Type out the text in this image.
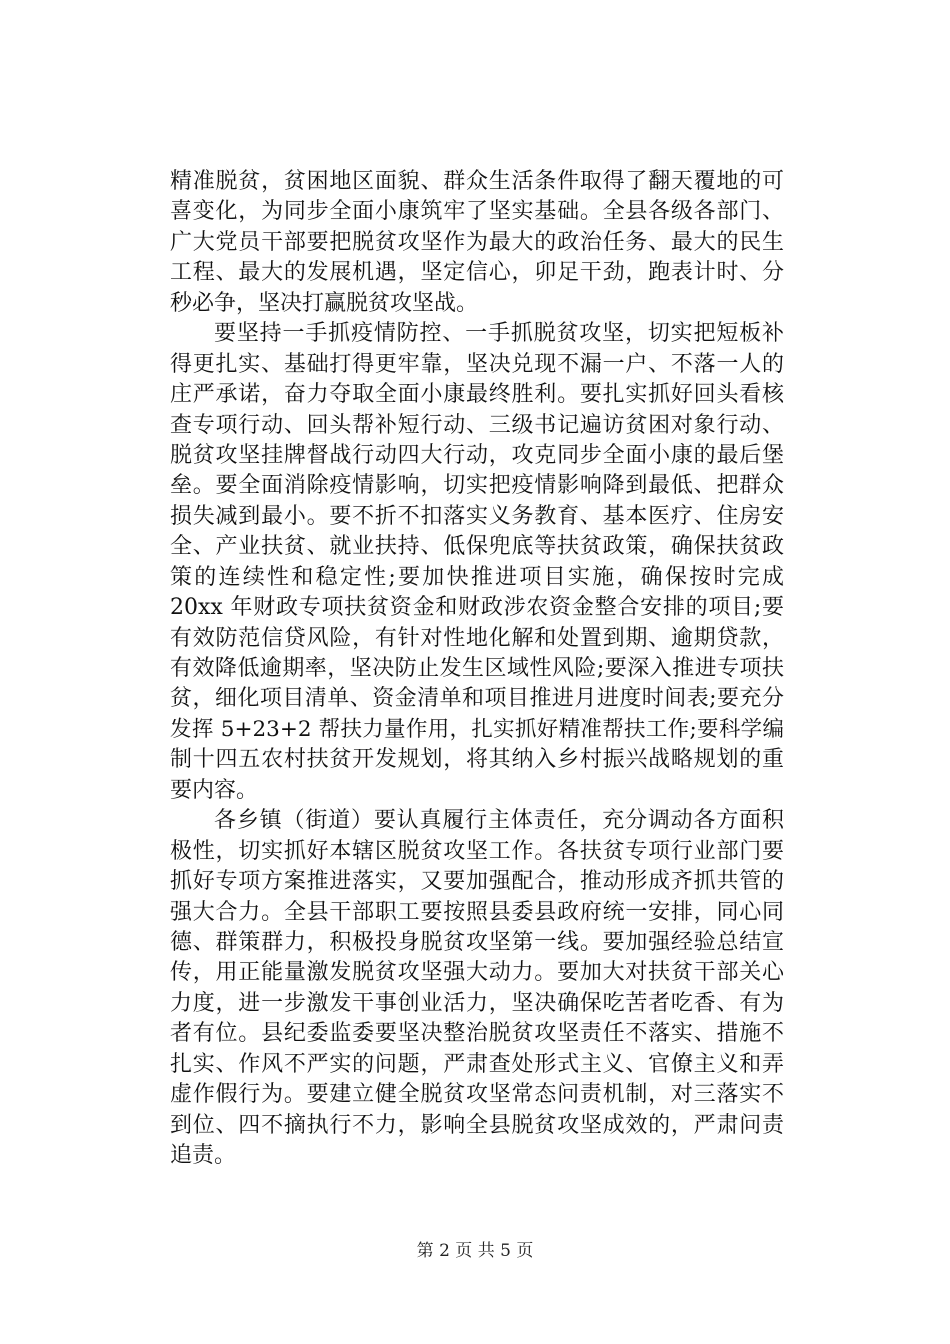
精准脱贫，贫困地区面貌、群众生活条件取得了翻天覆地的可
喜变化，为同步全面小康筑牢了坚实基础。全县各级各部门、
广大党员干部要把脱贫攻坚作为最大的政治任务、最大的民生
工程、最大的发展机遇，坚定信心，卯足干劲，跑表计时、分
秒必争，坚决打赢脱贫攻坚战。
要坚持一手抓疫情防控、一手抓脱贫攻坚，切实把短板补
得更扎实、基础打得更牢靠，坚决兑现不漏一户、不落一人的
庄严承诺，奋力夺取全面小康最终胜利。要扎实抓好回头看核
查专项行动、回头帮补短行动、三级书记遍访贫困对象行动、
脱贫攻坚挂牌督战行动四大行动，攻克同步全面小康的最后堡
垒。要全面消除疫情影响，切实把疫情影响降到最低、把群众
损失减到最小。要不折不扣落实义务教育、基本医疗、住房安
全、产业扶贫、就业扶持、低保兜底等扶贫政策，确保扶贫政
策的连续性和稳定性;要加快推进项目实施，确保按时完成
20xx 年财政专项扶贫资金和财政涉农资金整合安排的项目;要
有效防范信贷风险，有针对性地化解和处置到期、逾期贷款，
有效降低逾期率，坚决防止发生区域性风险;要深入推进专项扶
贫，细化项目清单、资金清单和项目推进月进度时间表;要充分
发挥 5+23+2 帮扶力量作用，扎实抓好精准帮扶工作;要科学编
制十四五农村扶贫开发规划，将其纳入乡村振兴战略规划的重
要内容。
各乡镇（街道）要认真履行主体责任，充分调动各方面积
极性，切实抓好本辖区脱贫攻坚工作。各扶贫专项行业部门要
抓好专项方案推进落实，又要加强配合，推动形成齐抓共管的
强大合力。全县干部职工要按照县委县政府统一安排，同心同
德、群策群力，积极投身脱贫攻坚第一线。要加强经验总结宣
传，用正能量激发脱贫攻坚强大动力。要加大对扶贫干部关心
力度，进一步激发干事创业活力，坚决确保吃苦者吃香、有为
者有位。县纪委监委要坚决整治脱贫攻坚责任不落实、措施不
扎实、作风不严实的问题，严肃查处形式主义、官僚主义和弄
虚作假行为。要建立健全脱贫攻坚常态问责机制，对三落实不
到位、四不摘执行不力，影响全县脱贫攻坚成效的，严肃问责
追责。
第 2 页 共 5 页
